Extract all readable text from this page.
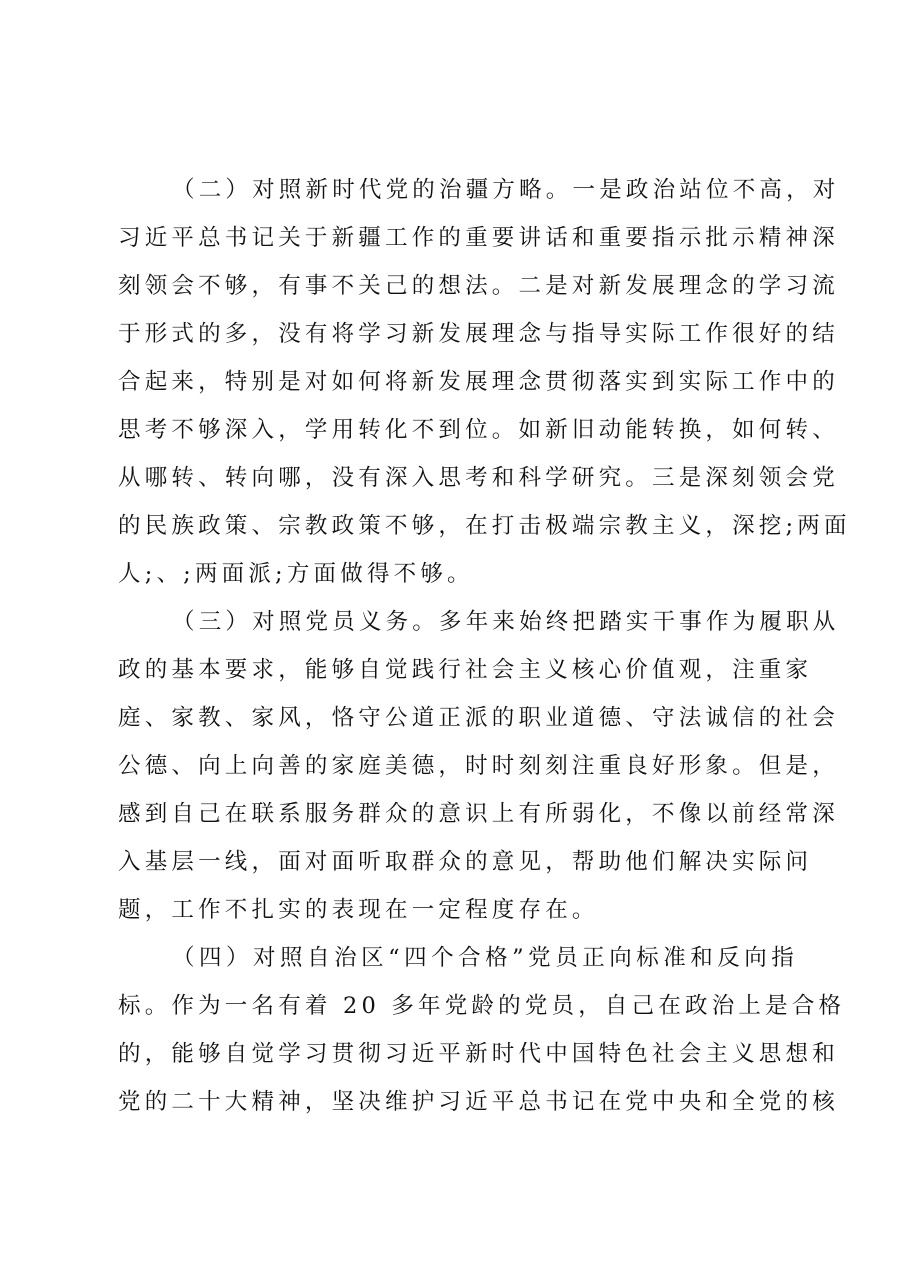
（二）对照新时代党的治疆方略。一是政治站位不高，对
习近平总书记关于新疆工作的重要讲话和重要指示批示精神深
刻领会不够，有事不关己的想法。二是对新发展理念的学习流
于形式的多，没有将学习新发展理念与指导实际工作很好的结
合起来，特别是对如何将新发展理念贯彻落实到实际工作中的
思考不够深入，学用转化不到位。如新旧动能转换，如何转、
从哪转、转向哪，没有深入思考和科学研究。三是深刻领会党
的民族政策、宗教政策不够，在打击极端宗教主义，深挖;两面
人;、;两面派;方面做得不够。
（三）对照党员义务。多年来始终把踏实干事作为履职从
政的基本要求，能够自觉践行社会主义核心价值观，注重家
庭、家教、家风，恪守公道正派的职业道德、守法诚信的社会
公德、向上向善的家庭美德，时时刻刻注重良好形象。但是，
感到自己在联系服务群众的意识上有所弱化，不像以前经常深
入基层一线，面对面听取群众的意见，帮助他们解决实际问
题，工作不扎实的表现在一定程度存在。
（四）对照自治区“四个合格”党员正向标准和反向指
标。作为一名有着 20 多年党龄的党员，自己在政治上是合格
的，能够自觉学习贯彻习近平新时代中国特色社会主义思想和
党的二十大精神，坚决维护习近平总书记在党中央和全党的核
